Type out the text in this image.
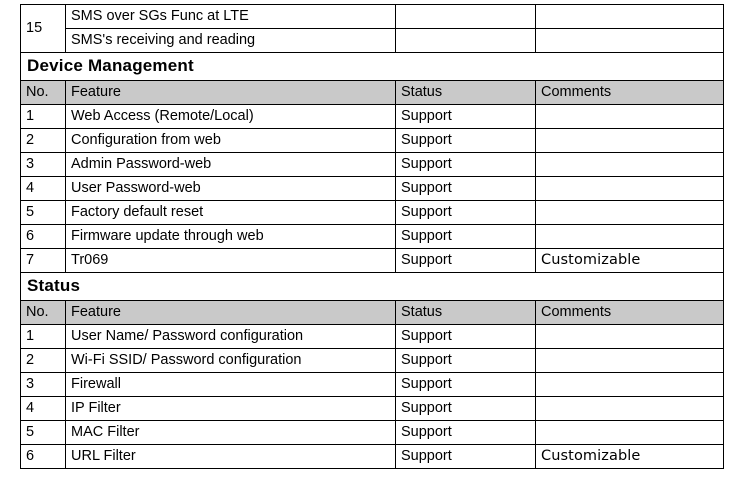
15	SMS over SGs Func at LTE		
	SMS's receiving and reading		
Device Management			
No.	Feature	Status	Comments
1	Web Access (Remote/Local)	Support	
2	Configuration from web	Support	
3	Admin Password-web	Support	
4	User Password-web	Support	
5	Factory default reset	Support	
6	Firmware update through web	Support	
7	Tr069	Support	Customizable
Status			
No.	Feature	Status	Comments
1	User Name/ Password configuration	Support	
2	Wi-Fi SSID/ Password configuration	Support	
3	Firewall	Support	
4	IP Filter	Support	
5	MAC Filter	Support	
6	URL Filter	Support	Customizable
